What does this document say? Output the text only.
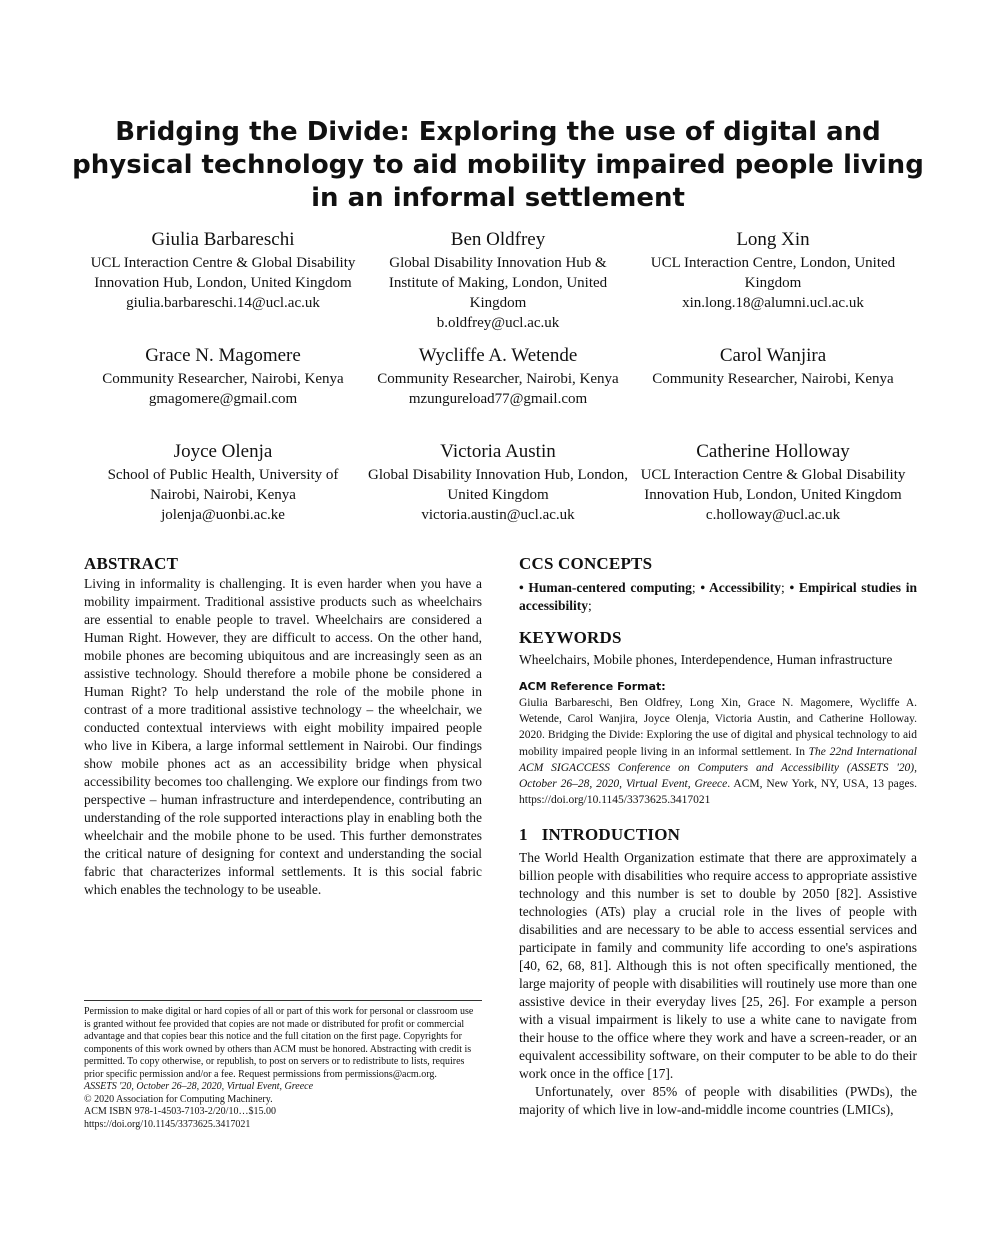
Bridging the Divide: Exploring the use of digital and physical technology to aid mobility impaired people living in an informal settlement
Giulia Barbareschi
UCL Interaction Centre & Global Disability Innovation Hub, London, United Kingdom
giulia.barbareschi.14@ucl.ac.uk
Ben Oldfrey
Global Disability Innovation Hub & Institute of Making, London, United Kingdom
b.oldfrey@ucl.ac.uk
Long Xin
UCL Interaction Centre, London, United Kingdom
xin.long.18@alumni.ucl.ac.uk
Grace N. Magomere
Community Researcher, Nairobi, Kenya
gmagomere@gmail.com
Wycliffe A. Wetende
Community Researcher, Nairobi, Kenya
mzungureload77@gmail.com
Carol Wanjira
Community Researcher, Nairobi, Kenya
Joyce Olenja
School of Public Health, University of Nairobi, Nairobi, Kenya
jolenja@uonbi.ac.ke
Victoria Austin
Global Disability Innovation Hub, London, United Kingdom
victoria.austin@ucl.ac.uk
Catherine Holloway
UCL Interaction Centre & Global Disability Innovation Hub, London, United Kingdom
c.holloway@ucl.ac.uk
ABSTRACT

Living in informality is challenging. It is even harder when you have a mobility impairment. Traditional assistive products such as wheelchairs are essential to enable people to travel. Wheelchairs are considered a Human Right. However, they are difficult to access. On the other hand, mobile phones are becoming ubiquitous and are increasingly seen as an assistive technology. Should therefore a mobile phone be considered a Human Right? To help understand the role of the mobile phone in contrast of a more traditional assistive technology – the wheelchair, we conducted contextual interviews with eight mobility impaired people who live in Kibera, a large informal settlement in Nairobi. Our findings show mobile phones act as an accessibility bridge when physical accessibility becomes too challenging. We explore our findings from two perspective – human infrastructure and interdependence, contributing an understanding of the role supported interactions play in enabling both the wheelchair and the mobile phone to be used. This further demonstrates the critical nature of designing for context and understanding the social fabric that characterizes informal settlements. It is this social fabric which enables the technology to be useable.

CCS CONCEPTS

• Human-centered computing; • Accessibility; • Empirical studies in accessibility;

KEYWORDS

Wheelchairs, Mobile phones, Interdependence, Human infrastructure

ACM Reference Format:

Giulia Barbareschi, Ben Oldfrey, Long Xin, Grace N. Magomere, Wycliffe A. Wetende, Carol Wanjira, Joyce Olenja, Victoria Austin, and Catherine Holloway. 2020. Bridging the Divide: Exploring the use of digital and physical technology to aid mobility impaired people living in an informal settlement. In The 22nd International ACM SIGACCESS Conference on Computers and Accessibility (ASSETS '20), October 26–28, 2020, Virtual Event, Greece. ACM, New York, NY, USA, 13 pages. https://doi.org/10.1145/3373625.3417021

1 INTRODUCTION

The World Health Organization estimate that there are approximately a billion people with disabilities who require access to appropriate assistive technology and this number is set to double by 2050 [82]. Assistive technologies (ATs) play a crucial role in the lives of people with disabilities and are necessary to be able to access essential services and participate in family and community life according to one's aspirations [40, 62, 68, 81]. Although this is not often specifically mentioned, the large majority of people with disabilities will routinely use more than one assistive device in their everyday lives [25, 26]. For example a person with a visual impairment is likely to use a white cane to navigate from their house to the office where they work and have a screen-reader, or an equivalent accessibility software, on their computer to be able to do their work once in the office [17].

Unfortunately, over 85% of people with disabilities (PWDs), the majority of which live in low-and-middle income countries (LMICs),

Permission to make digital or hard copies of all or part of this work for personal or classroom use is granted without fee provided that copies are not made or distributed for profit or commercial advantage and that copies bear this notice and the full citation on the first page. Copyrights for components of this work owned by others than ACM must be honored. Abstracting with credit is permitted. To copy otherwise, or republish, to post on servers or to redistribute to lists, requires prior specific permission and/or a fee. Request permissions from permissions@acm.org.

ASSETS '20, October 26–28, 2020, Virtual Event, Greece

© 2020 Association for Computing Machinery.

ACM ISBN 978-1-4503-7103-2/20/10…$15.00

https://doi.org/10.1145/3373625.3417021
